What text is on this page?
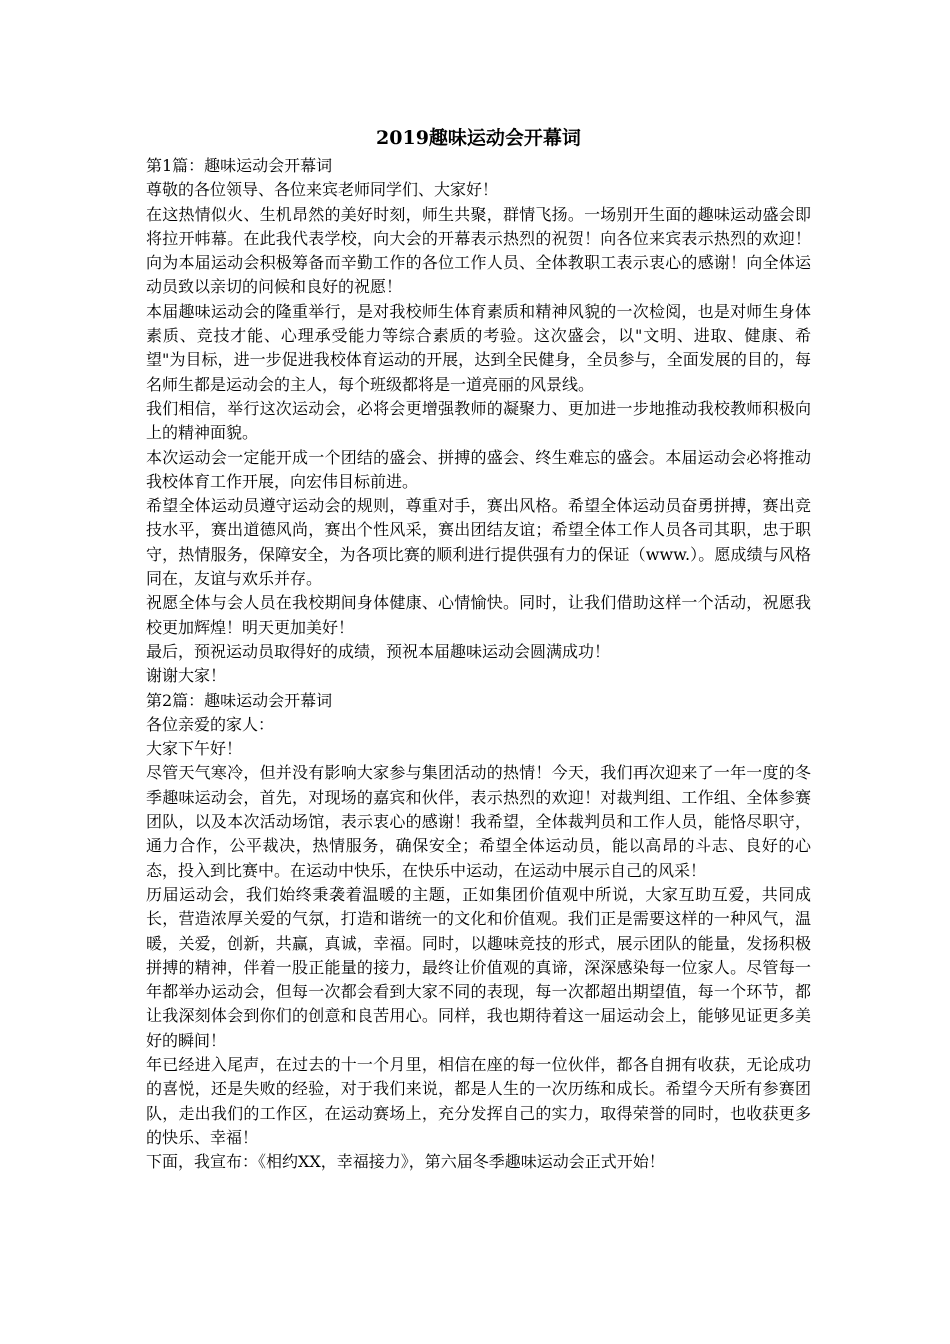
2019趣味运动会开幕词

第1篇：趣味运动会开幕词

尊敬的各位领导、各位来宾老师同学们、大家好！

在这热情似火、生机昂然的美好时刻，师生共聚，群情飞扬。一场别开生面的趣味运动盛会即将拉开帏幕。在此我代表学校，向大会的开幕表示热烈的祝贺！向各位来宾表示热烈的欢迎！向为本届运动会积极筹备而辛勤工作的各位工作人员、全体教职工表示衷心的感谢！向全体运动员致以亲切的问候和良好的祝愿！

本届趣味运动会的隆重举行，是对我校师生体育素质和精神风貌的一次检阅，也是对师生身体素质、竞技才能、心理承受能力等综合素质的考验。这次盛会，以"文明、进取、健康、希望"为目标，进一步促进我校体育运动的开展，达到全民健身，全员参与，全面发展的目的，每名师生都是运动会的主人，每个班级都将是一道亮丽的风景线。

我们相信，举行这次运动会，必将会更增强教师的凝聚力、更加进一步地推动我校教师积极向上的精神面貌。

本次运动会一定能开成一个团结的盛会、拼搏的盛会、终生难忘的盛会。本届运动会必将推动我校体育工作开展，向宏伟目标前进。

希望全体运动员遵守运动会的规则，尊重对手，赛出风格。希望全体运动员奋勇拼搏，赛出竞技水平，赛出道德风尚，赛出个性风采，赛出团结友谊；希望全体工作人员各司其职，忠于职守，热情服务，保障安全，为各项比赛的顺利进行提供强有力的保证（www.）。愿成绩与风格同在，友谊与欢乐并存。

祝愿全体与会人员在我校期间身体健康、心情愉快。同时，让我们借助这样一个活动，祝愿我校更加辉煌！明天更加美好！

最后，预祝运动员取得好的成绩，预祝本届趣味运动会圆满成功！

谢谢大家！

第2篇：趣味运动会开幕词

各位亲爱的家人：

大家下午好！

尽管天气寒冷，但并没有影响大家参与集团活动的热情！今天，我们再次迎来了一年一度的冬季趣味运动会，首先，对现场的嘉宾和伙伴，表示热烈的欢迎！对裁判组、工作组、全体参赛团队，以及本次活动场馆，表示衷心的感谢！我希望，全体裁判员和工作人员，能恪尽职守，通力合作，公平裁决，热情服务，确保安全；希望全体运动员，能以高昂的斗志、良好的心态，投入到比赛中。在运动中快乐，在快乐中运动，在运动中展示自己的风采！

历届运动会，我们始终秉袭着温暖的主题，正如集团价值观中所说，大家互助互爱，共同成长，营造浓厚关爱的气氛，打造和谐统一的文化和价值观。我们正是需要这样的一种风气，温暖，关爱，创新，共赢，真诚，幸福。同时，以趣味竞技的形式，展示团队的能量，发扬积极拼搏的精神，伴着一股正能量的接力，最终让价值观的真谛，深深感染每一位家人。尽管每一年都举办运动会，但每一次都会看到大家不同的表现，每一次都超出期望值，每一个环节，都让我深刻体会到你们的创意和良苦用心。同样，我也期待着这一届运动会上，能够见证更多美好的瞬间！

年已经进入尾声，在过去的十一个月里，相信在座的每一位伙伴，都各自拥有收获，无论成功的喜悦，还是失败的经验，对于我们来说，都是人生的一次历练和成长。希望今天所有参赛团队，走出我们的工作区，在运动赛场上，充分发挥自己的实力，取得荣誉的同时，也收获更多的快乐、幸福！

下面，我宣布：《相约XX，幸福接力》，第六届冬季趣味运动会正式开始！
